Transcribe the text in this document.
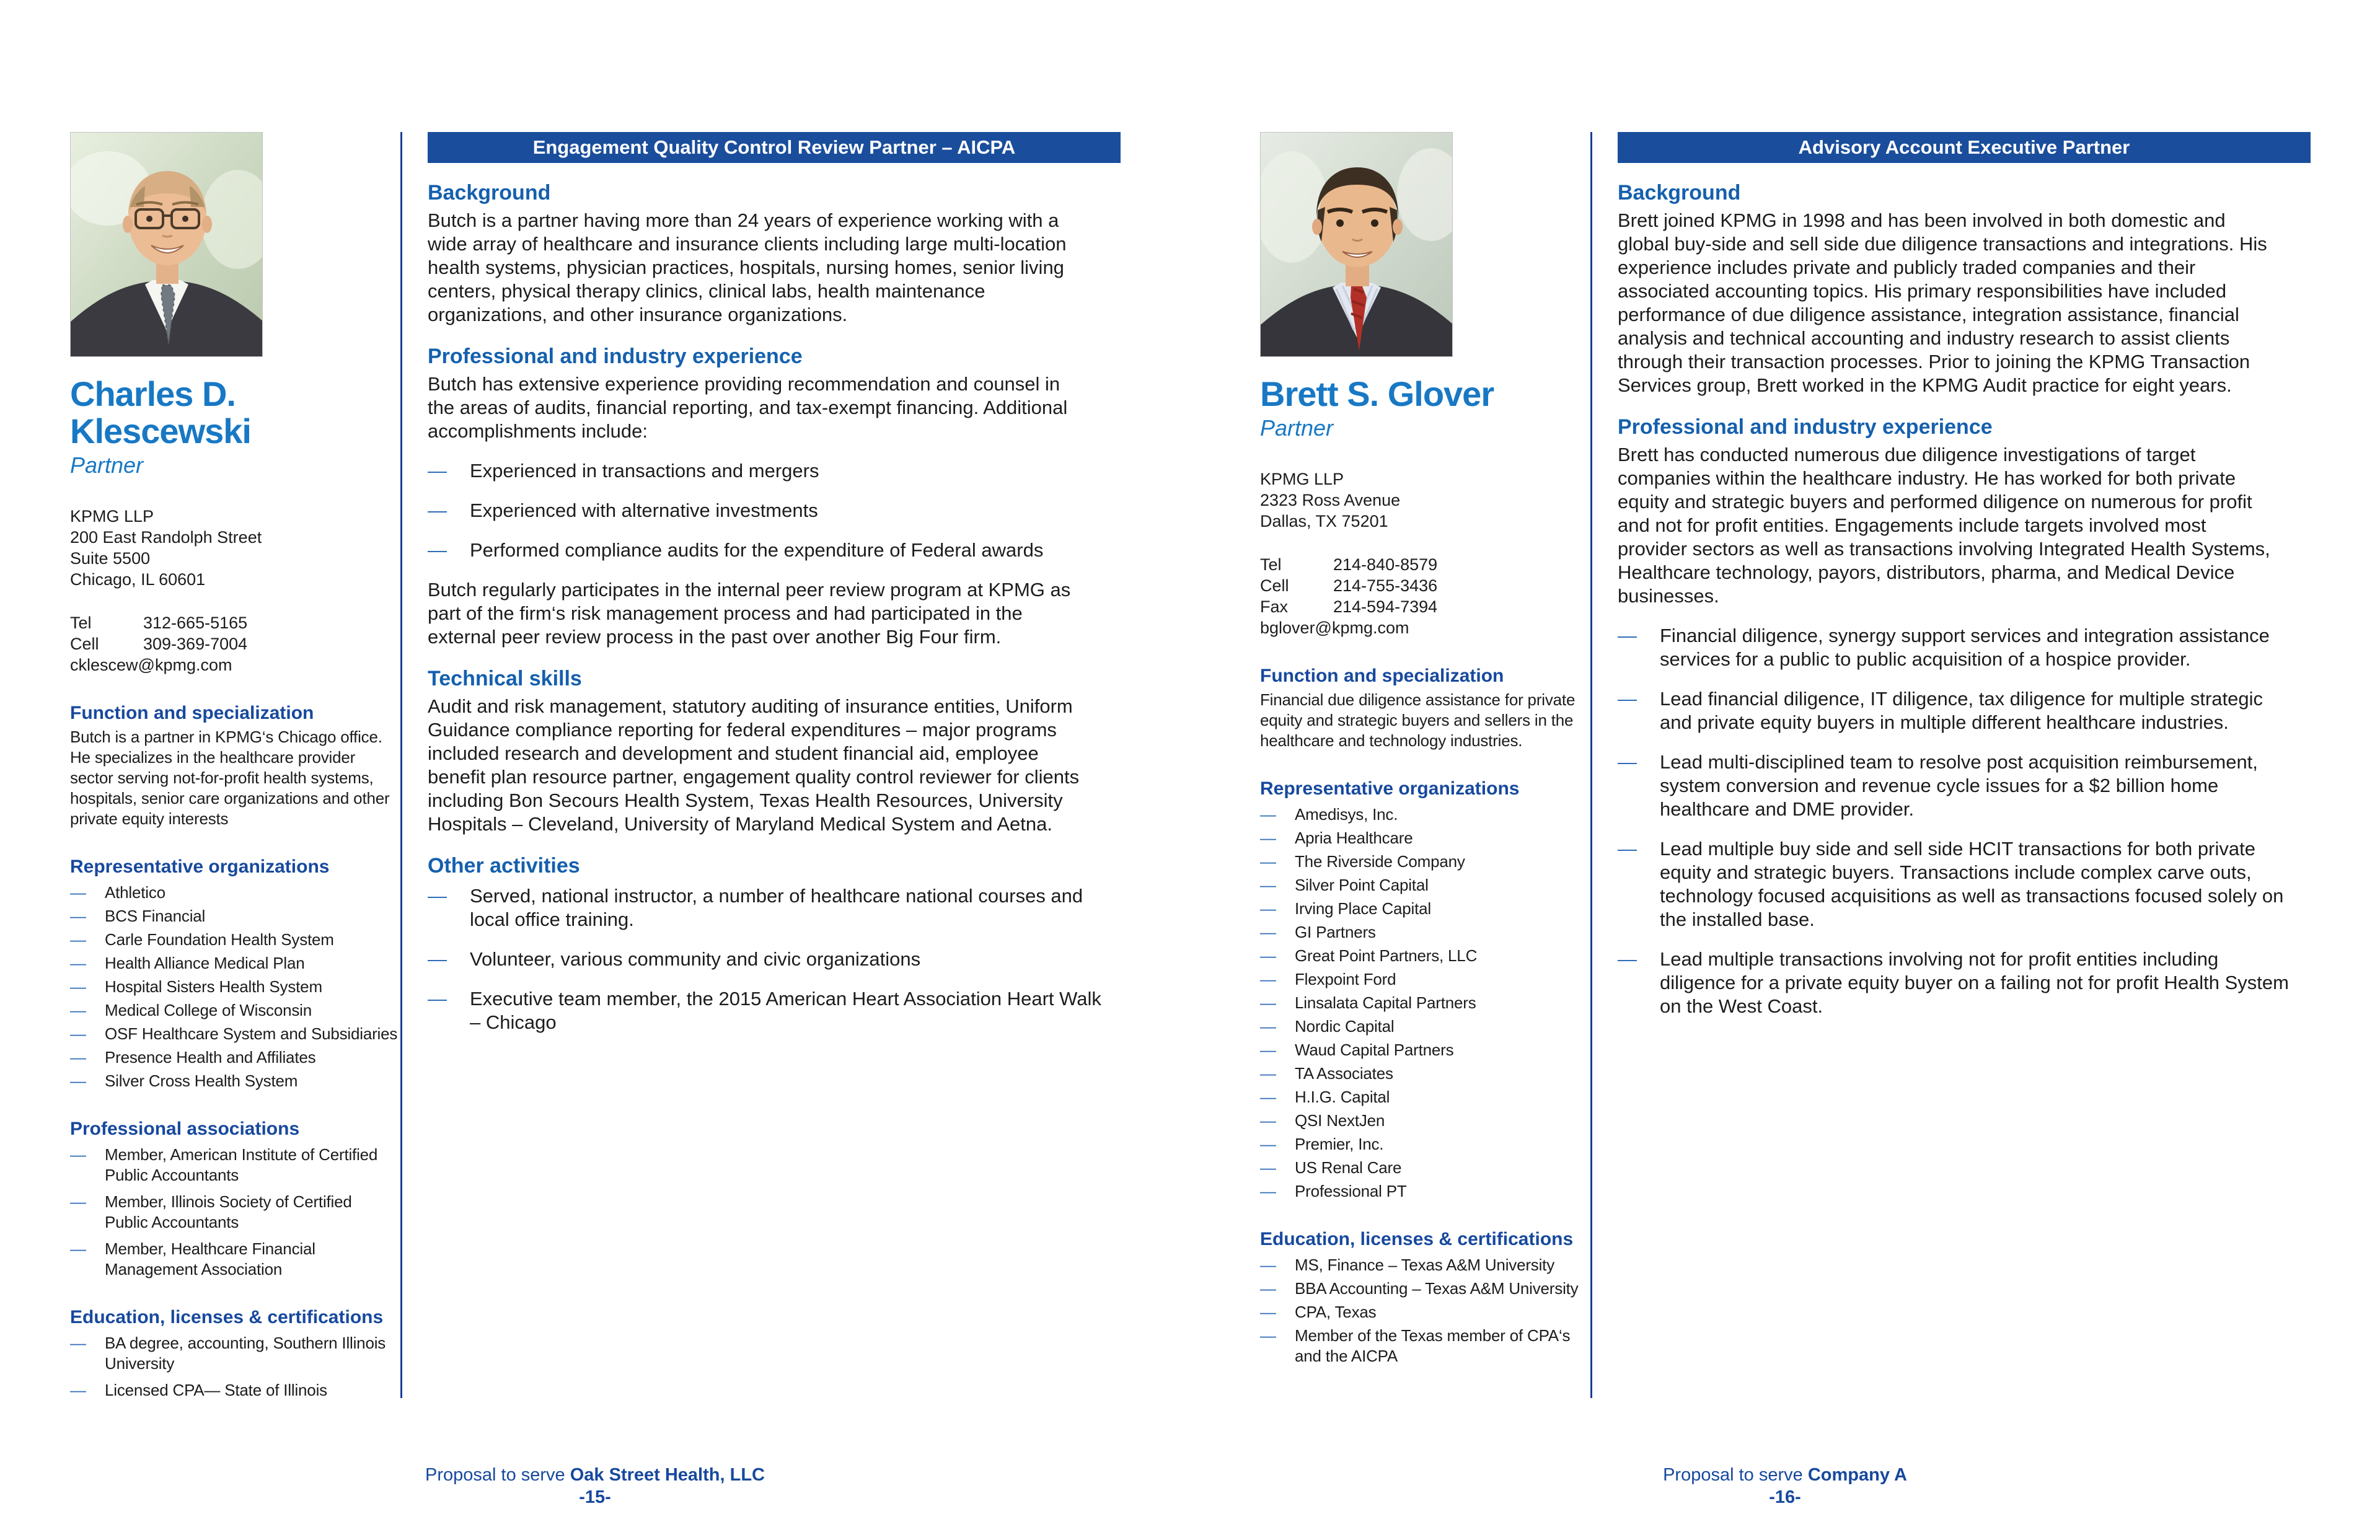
Charles D. Klescewski
Partner
KPMG LLP
200 East Randolph Street
Suite 5500
Chicago, IL 60601
Tel	312-665-5165
Cell	309-369-7004
cklescew@kpmg.com
Function and specialization
Butch is a partner in KPMG‘s Chicago office. He specializes in the healthcare provider sector serving not-for-profit health systems, hospitals, senior care organizations and other private equity interests
Representative organizations
—	Athletico
—	BCS Financial
—	Carle Foundation Health System
—	Health Alliance Medical Plan
—	Hospital Sisters Health System
—	Medical College of Wisconsin
—	OSF Healthcare System and Subsidiaries
—	Presence Health and Affiliates
—	Silver Cross Health System
Professional associations
—	Member, American Institute of Certified Public Accountants
—	Member, Illinois Society of Certified Public Accountants
—	Member, Healthcare Financial Management Association
Education, licenses & certifications
—	BA degree, accounting, Southern Illinois University
—	Licensed CPA— State of Illinois
Engagement Quality Control Review Partner – AICPA
Background
Butch is a partner having more than 24 years of experience working with a wide array of healthcare and insurance clients including large multi-location health systems, physician practices, hospitals, nursing homes, senior living centers, physical therapy clinics, clinical labs, health maintenance organizations, and other insurance organizations.
Professional and industry experience
Butch has extensive experience providing recommendation and counsel in the areas of audits, financial reporting, and tax-exempt financing. Additional accomplishments include:
—	Experienced in transactions and mergers
—	Experienced with alternative investments
—	Performed compliance audits for the expenditure of Federal awards
Butch regularly participates in the internal peer review program at KPMG as part of the firm‘s risk management process and had participated in the external peer review process in the past over another Big Four firm.
Technical skills
Audit and risk management, statutory auditing of insurance entities, Uniform Guidance compliance reporting for federal expenditures – major programs included research and development and student financial aid, employee benefit plan resource partner, engagement quality control reviewer for clients including Bon Secours Health System, Texas Health Resources, University Hospitals – Cleveland, University of Maryland Medical System and Aetna.
Other activities
—	Served, national instructor, a number of healthcare national courses and local office training.
—	Volunteer, various community and civic organizations
—	Executive team member, the 2015 American Heart Association Heart Walk – Chicago
Proposal to serve Oak Street Health, LLC
-15-
Brett S. Glover
Partner
KPMG LLP
2323 Ross Avenue
Dallas, TX 75201
Tel	214-840-8579
Cell	214-755-3436
Fax	214-594-7394
bglover@kpmg.com
Function and specialization
Financial due diligence assistance for private equity and strategic buyers and sellers in the healthcare and technology industries.
Representative organizations
—	Amedisys, Inc.
—	Apria Healthcare
—	The Riverside Company
—	Silver Point Capital
—	Irving Place Capital
—	GI Partners
—	Great Point Partners, LLC
—	Flexpoint Ford
—	Linsalata Capital Partners
—	Nordic Capital
—	Waud Capital Partners
—	TA Associates
—	H.I.G. Capital
—	QSI NextJen
—	Premier, Inc.
—	US Renal Care
—	Professional PT
Education, licenses & certifications
—	MS, Finance – Texas A&M University
—	BBA Accounting – Texas A&M University
—	CPA, Texas
—	Member of the Texas member of CPA‘s and the AICPA
Advisory Account Executive Partner
Background
Brett joined KPMG in 1998 and has been involved in both domestic and global buy-side and sell side due diligence transactions and integrations. His experience includes private and publicly traded companies and their associated accounting topics. His primary responsibilities have included performance of due diligence assistance, integration assistance, financial analysis and technical accounting and industry research to assist clients through their transaction processes. Prior to joining the KPMG Transaction Services group, Brett worked in the KPMG Audit practice for eight years.
Professional and industry experience
Brett has conducted numerous due diligence investigations of target companies within the healthcare industry. He has worked for both private equity and strategic buyers and performed diligence on numerous for profit and not for profit entities. Engagements include targets involved most provider sectors as well as transactions involving Integrated Health Systems, Healthcare technology, payors, distributors, pharma, and Medical Device businesses.
—	Financial diligence, synergy support services and integration assistance services for a public to public acquisition of a hospice provider.
—	Lead financial diligence, IT diligence, tax diligence for multiple strategic and private equity buyers in multiple different healthcare industries.
—	Lead multi-disciplined team to resolve post acquisition reimbursement, system conversion and revenue cycle issues for a $2 billion home healthcare and DME provider.
—	Lead multiple buy side and sell side HCIT transactions for both private equity and strategic buyers. Transactions include complex carve outs, technology focused acquisitions as well as transactions focused solely on the installed base.
—	Lead multiple transactions involving not for profit entities including diligence for a private equity buyer on a failing not for profit Health System on the West Coast.
Proposal to serve Company A
-16-
